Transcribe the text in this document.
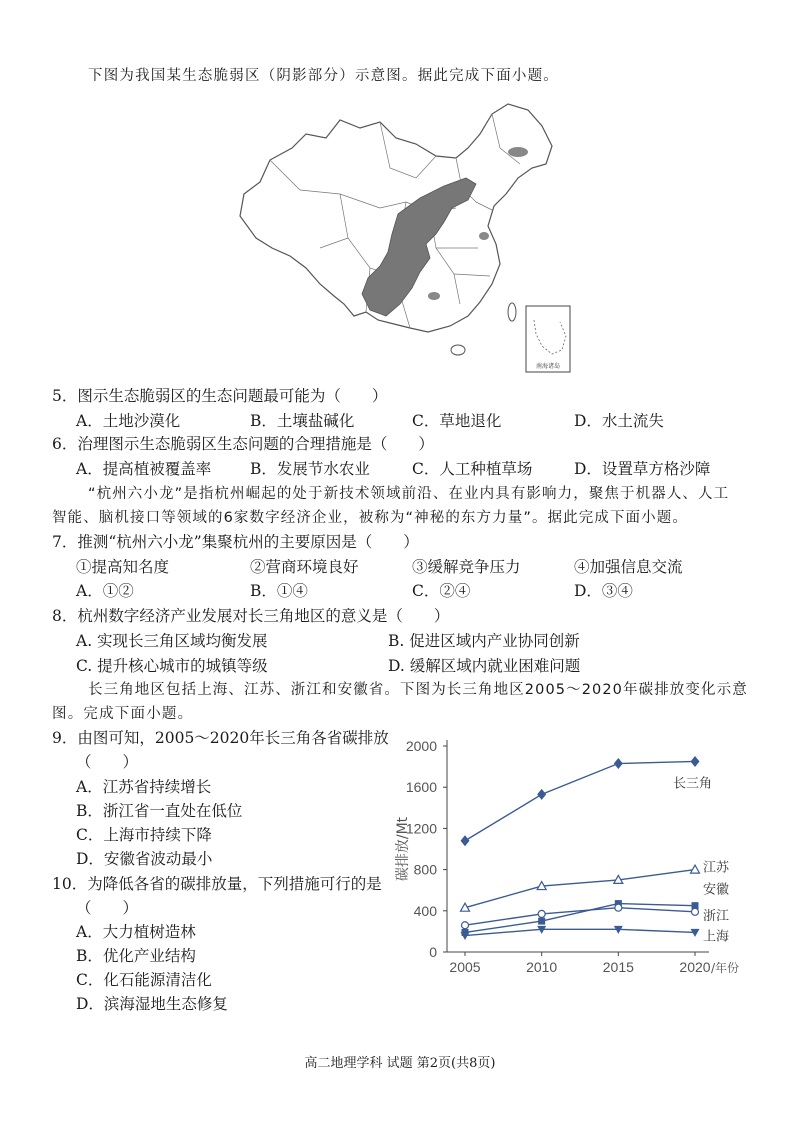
下图为我国某生态脆弱区（阴影部分）示意图。据此完成下面小题。
南海诸岛
5．图示生态脆弱区的生态问题最可能为（　　）
A．土地沙漠化	B．土壤盐碱化	C．草地退化	D．水土流失
6．治理图示生态脆弱区生态问题的合理措施是（　　）
A．提高植被覆盖率	B．发展节水农业	C．人工种植草场	D．设置草方格沙障
“杭州六小龙”是指杭州崛起的处于新技术领域前沿、在业内具有影响力，聚焦于机器人、人工
智能、脑机接口等领域的6家数字经济企业，被称为“神秘的东方力量”。据此完成下面小题。
7．推测“杭州六小龙”集聚杭州的主要原因是（　　）
①提高知名度	②营商环境良好	③缓解竞争压力	④加强信息交流
A．①②	B．①④	C．②④	D．③④
8．杭州数字经济产业发展对长三角地区的意义是（　　）
A. 实现长三角区域均衡发展	B. 促进区域内产业协同创新
C. 提升核心城市的城镇等级	D. 缓解区域内就业困难问题
长三角地区包括上海、江苏、浙江和安徽省。下图为长三角地区2005～2020年碳排放变化示意
图。完成下面小题。
9．由图可知，2005～2020年长三角各省碳排放
（　　）
A．江苏省持续增长
B．浙江省一直处在低位
C．上海市持续下降
D．安徽省波动最小
10．为降低各省的碳排放量，下列措施可行的是
（　　）
A．大力植树造林
B．优化产业结构
C．化石能源清洁化
D．滨海湿地生态修复
0
400
800
1200
1600
2000
2005	2010	2015	2020 /年份
碳排放/Mt
长三角
江苏
安徽
浙江
上海
高二地理学科 试题 第2页(共8页)
